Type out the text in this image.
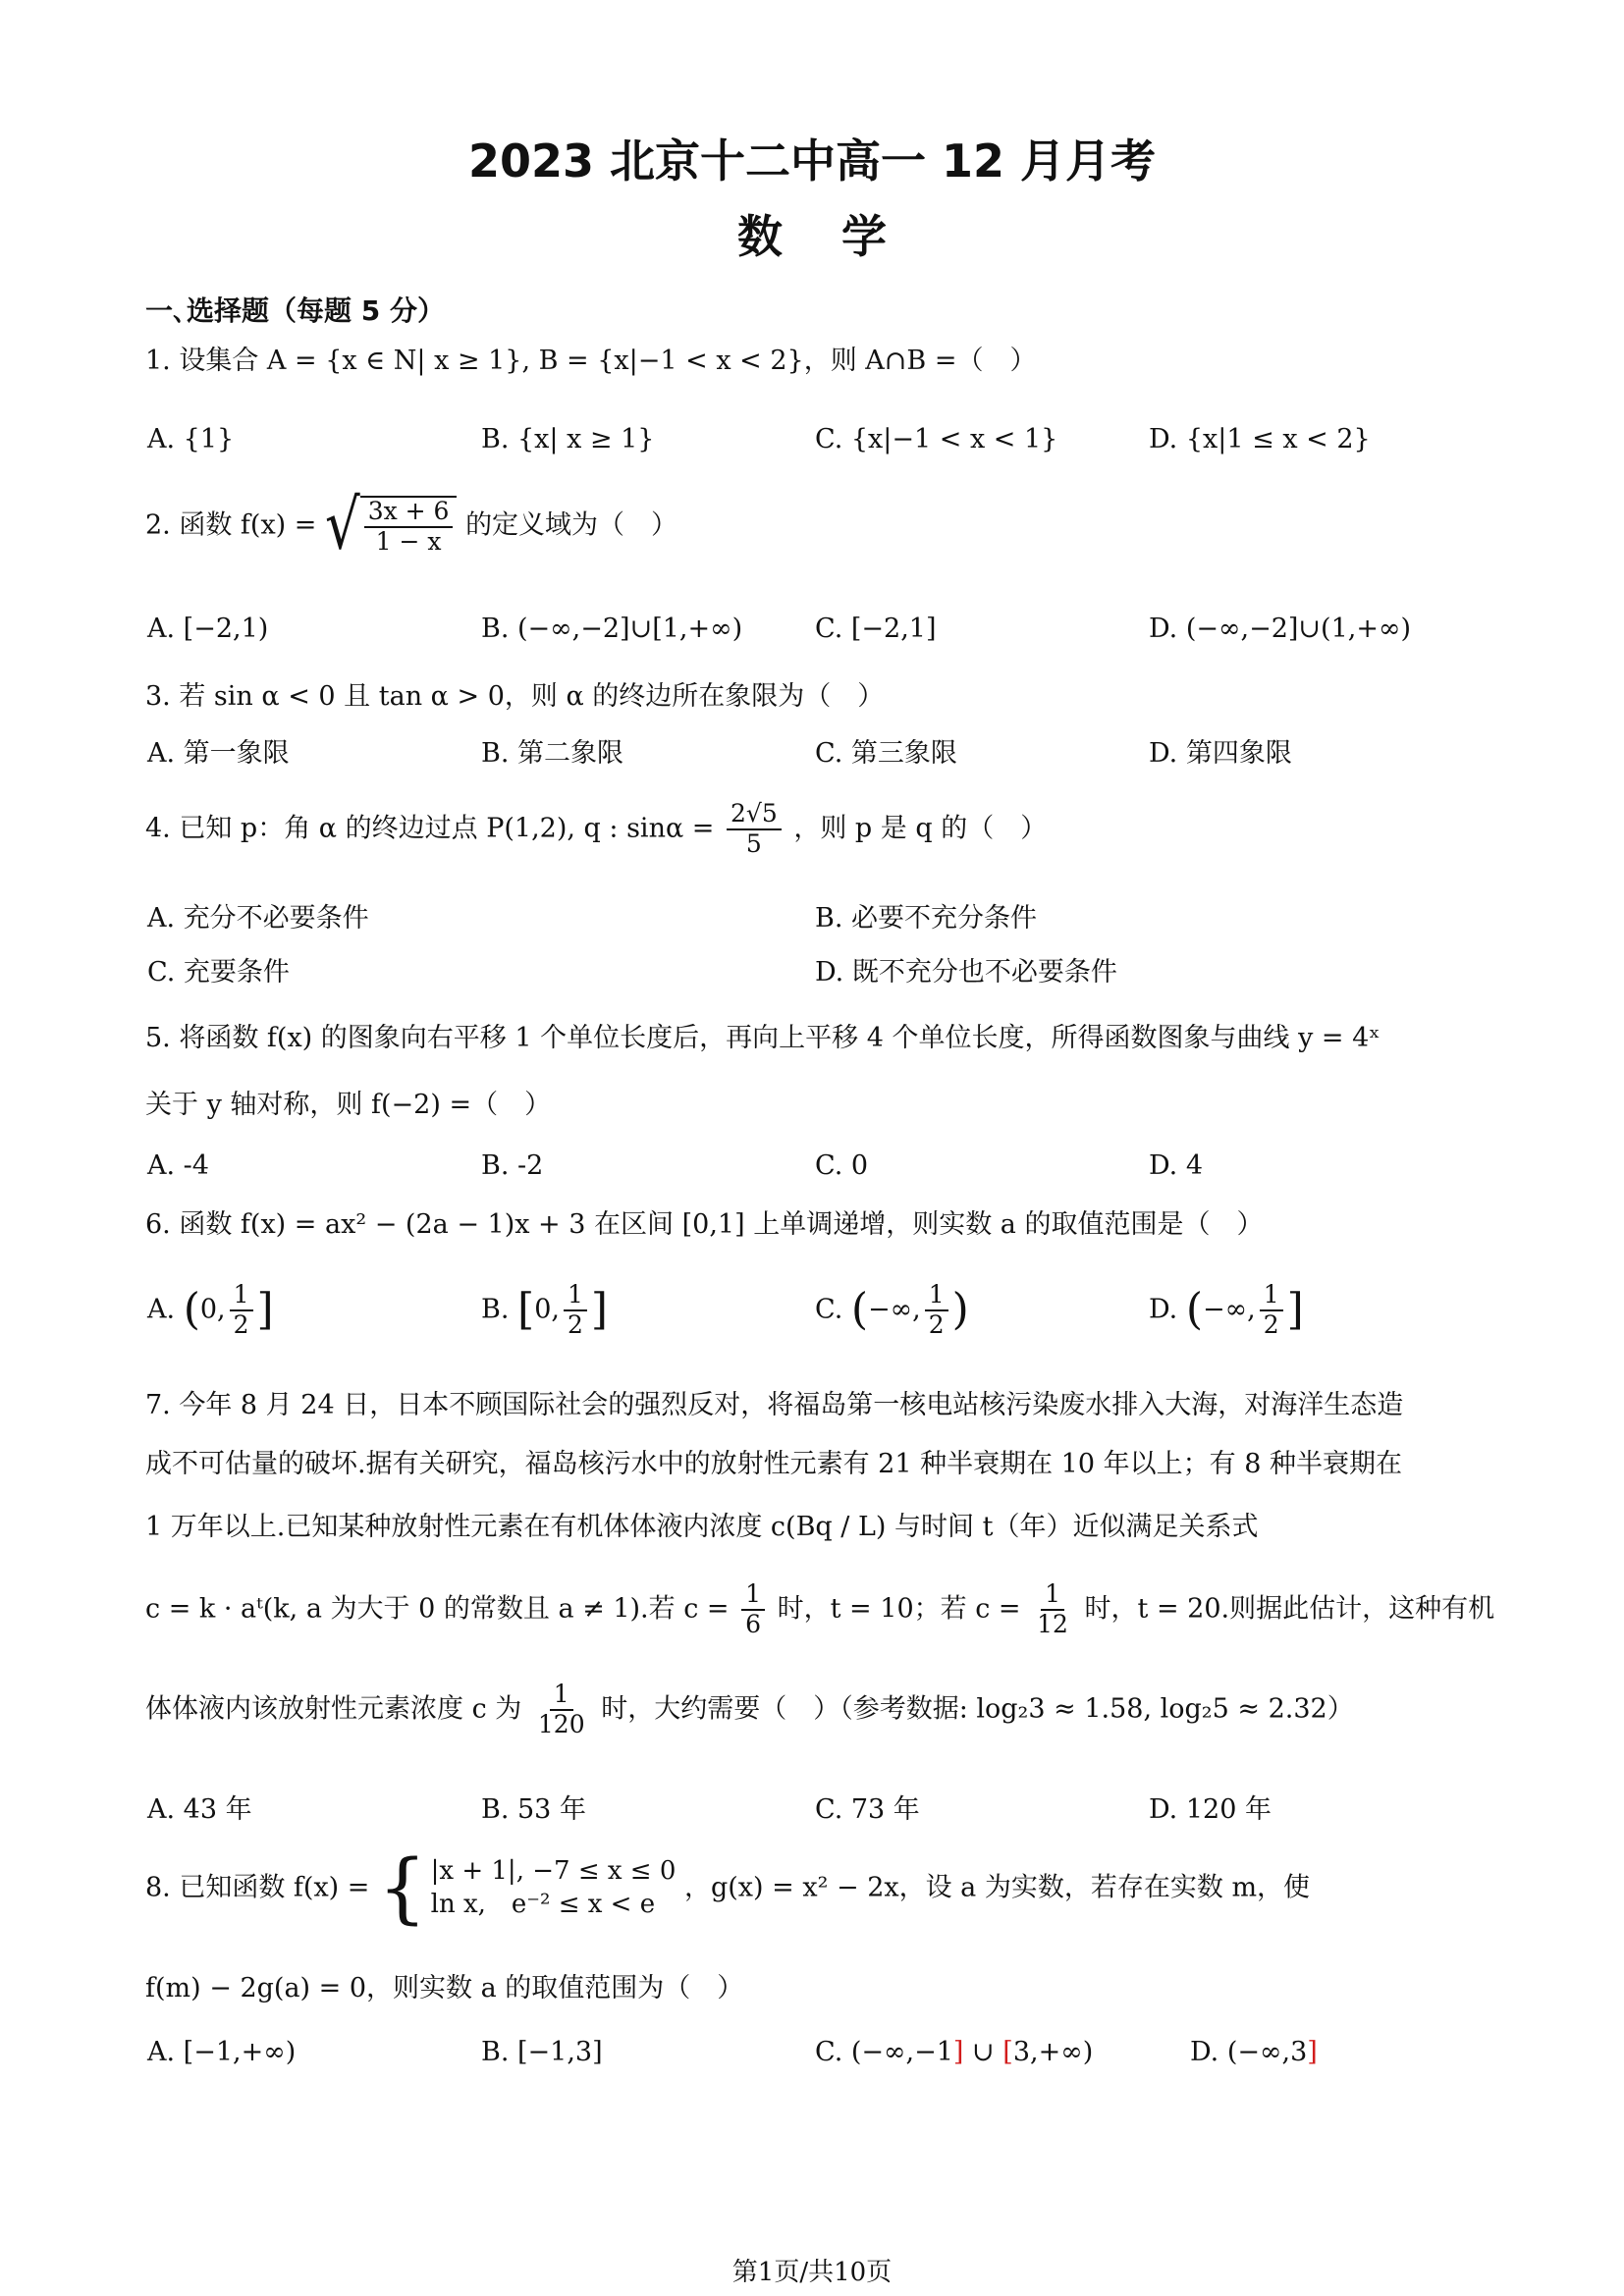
2023 北京十二中高一 12 月月考
数学
一､选择题（每题 5 分）
1. 设集合 A = {x ∈ N| x ≥ 1}, B = {x|−1 < x < 2}，则 A∩B =（　）
A. {1}	B. {x| x ≥ 1}	C. {x|−1 < x < 1}	D. {x|1 ≤ x < 2}
2. 函数 f(x) = √ $\frac{3x + 6}{1 - x}$ 的定义域为（　）
A. [−2,1)	B. (−∞,−2]∪[1,+∞)	C. [−2,1]	D. (−∞,−2]∪(1,+∞)
3. 若 sin α < 0 且 tan α > 0，则 α 的终边所在象限为（　）
A. 第一象限	B. 第二象限	C. 第三象限	D. 第四象限
4. 已知 p：角 α 的终边过点 P(1,2), q : $\sin\alpha = \frac{2√5}{5}$ ，则 p 是 q 的（　）
A. 充分不必要条件	B. 必要不充分条件
C. 充要条件	D. 既不充分也不必要条件
5. 将函数 f(x) 的图象向右平移 1 个单位长度后，再向上平移 4 个单位长度，所得函数图象与曲线 y = 4ˣ
关于 y 轴对称，则 f(−2) =（　）
A. -4	B. -2	C. 0	D. 4
6. 函数 f(x) = ax² − (2a − 1)x + 3 在区间 [0,1] 上单调递增，则实数 a 的取值范围是（　）
A. (0, $\frac{1}{2}$ ]	B. [0, $\frac{1}{2}$ ]	C. (−∞, $\frac{1}{2}$ )	D. (−∞, $\frac{1}{2}$ ]
7. 今年 8 月 24 日，日本不顾国际社会的强烈反对，将福岛第一核电站核污染废水排入大海，对海洋生态造
成不可估量的破坏.据有关研究，福岛核污水中的放射性元素有 21 种半衰期在 10 年以上；有 8 种半衰期在
1 万年以上.已知某种放射性元素在有机体体液内浓度 c(Bq / L) 与时间 t（年）近似满足关系式
c = k · aᵗ(k, a 为大于 0 的常数且 a ≠ 1).若 $c = \frac{1}{6}$ 时，t = 10；若 $c = \frac{1}{12}$ 时，t = 20.则据此估计，这种有机
体体液内该放射性元素浓度 c 为 $\frac{1}{120}$ 时，大约需要（　）（参考数据: log₂3 ≈ 1.58, log₂5 ≈ 2.32）
A. 43 年	B. 53 年	C. 73 年	D. 120 年
8. 已知函数 f(x) = { |x + 1|, −7 ≤ x ≤ 0
ln x,　e⁻² ≤ x < e
，g(x) = x² − 2x，设 a 为实数，若存在实数 m，使
f(m) − 2g(a) = 0，则实数 a 的取值范围为（　）
A. [−1,+∞)	B. [−1,3]	C. (−∞,−1] ∪ [3,+∞)	D. (−∞,3]
第1页/共10页
